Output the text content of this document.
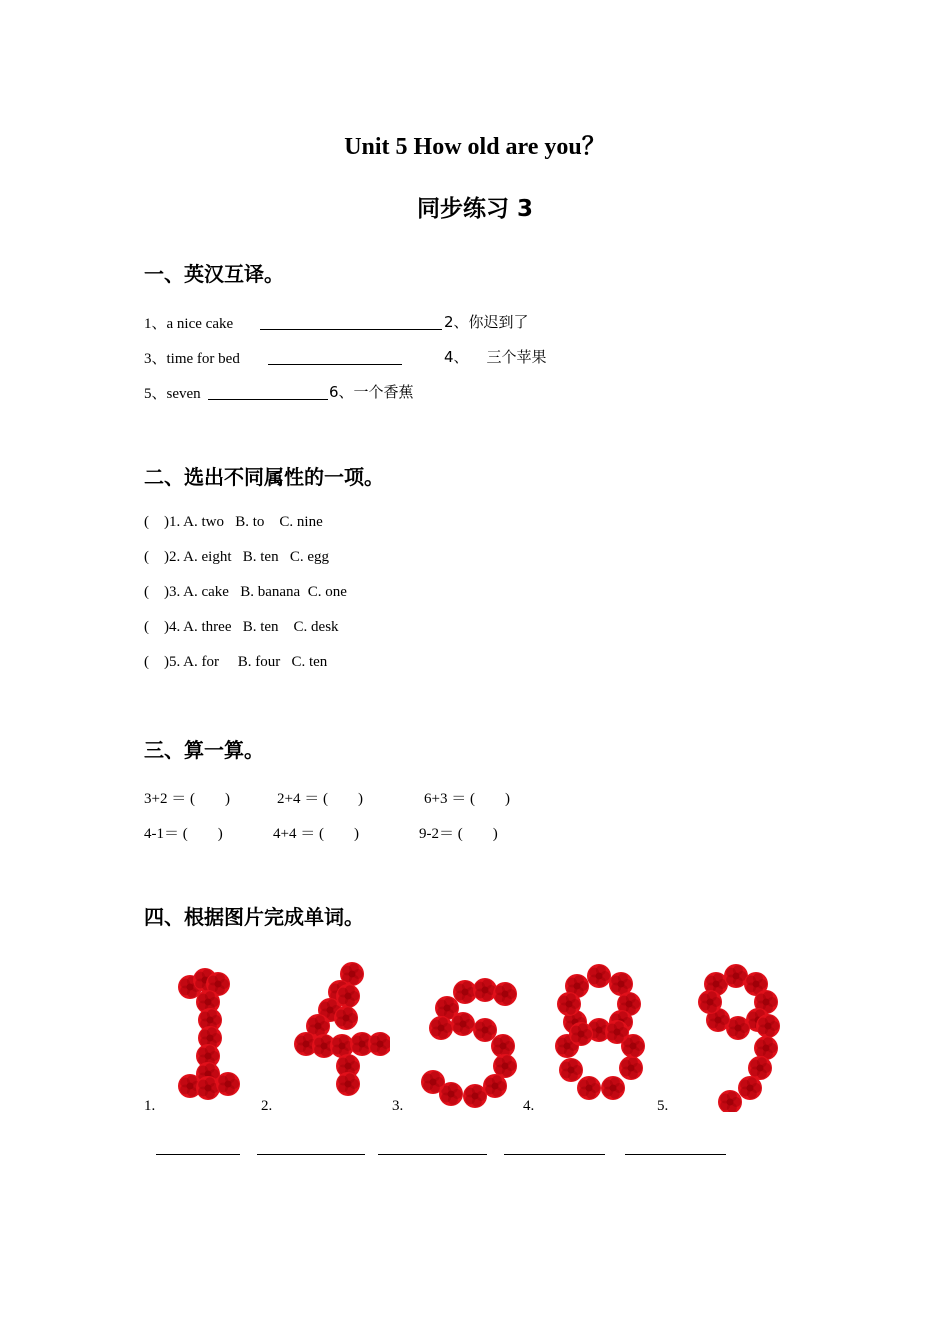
Unit 5 How old are you？
同步练习 3
一、英汉互译。
1、a nice cake	2、你迟到了
3、time for bed	4、 三个苹果
5、seven	6、一个香蕉
二、选出不同属性的一项。
(    )1. A. two   B. to    C. nine
(    )2. A. eight   B. ten   C. egg
(    )3. A. cake   B. banana  C. one
(    )4. A. three   B. ten    C. desk
(    )5. A. for     B. four   C. ten
三、算一算。
3+2 ＝ (        )	2+4 ＝ (        )	6+3 ＝ (        )
4-1＝ (        )	4+4 ＝ (        )	9-2＝ (        )
四、根据图片完成单词。
1.	2.	3.	4.	5.
